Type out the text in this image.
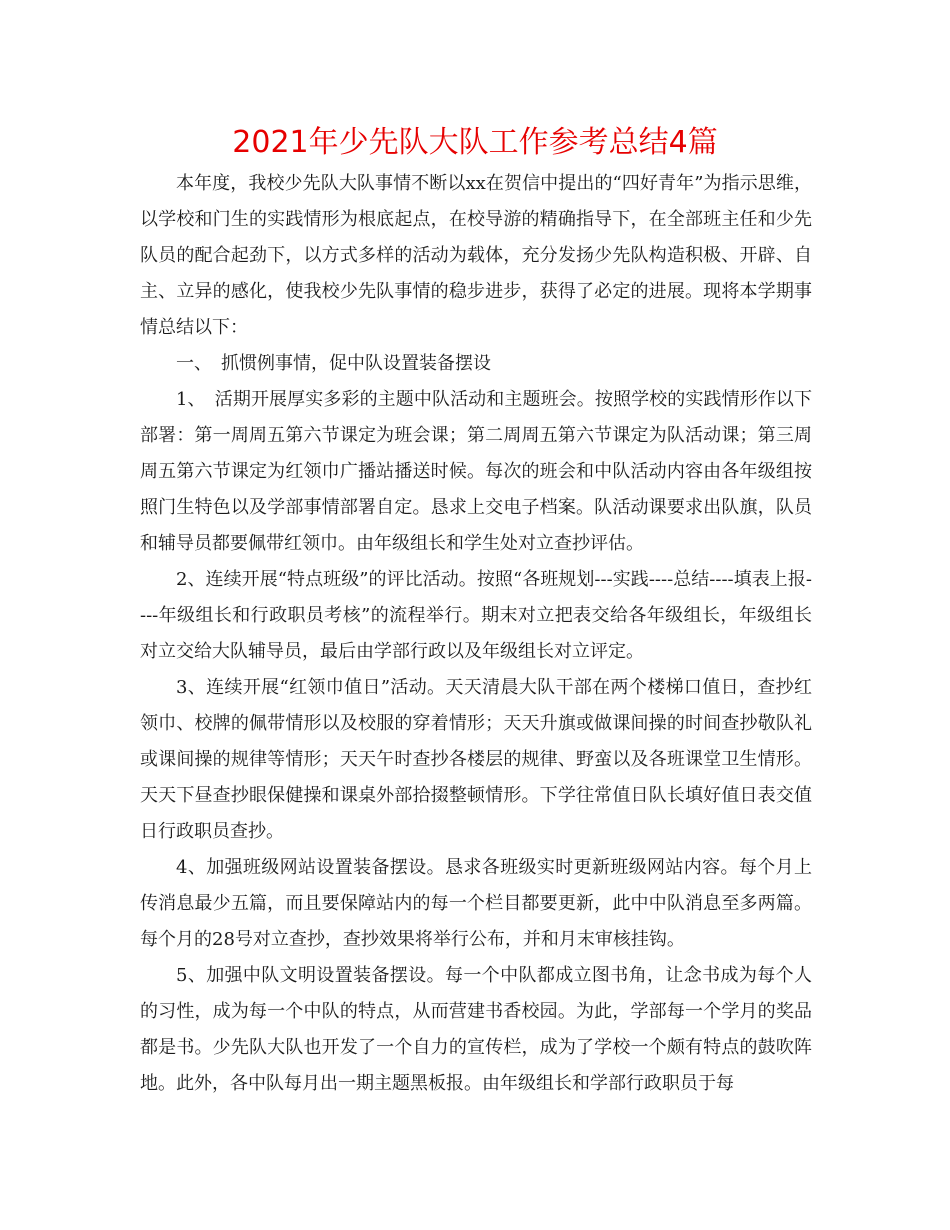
2021年少先队大队工作参考总结4篇

本年度，我校少先队大队事情不断以xx在贺信中提出的“四好青年”为指示思维，以学校和门生的实践情形为根底起点，在校导游的精确指导下，在全部班主任和少先队员的配合起劲下，以方式多样的活动为载体，充分发扬少先队构造积极、开辟、自主、立异的感化，使我校少先队事情的稳步进步，获得了必定的进展。现将本学期事情总结以下：

一、　抓惯例事情，促中队设置装备摆设

1、　活期开展厚实多彩的主题中队活动和主题班会。按照学校的实践情形作以下部署：第一周周五第六节课定为班会课；第二周周五第六节课定为队活动课；第三周周五第六节课定为红领巾广播站播送时候。每次的班会和中队活动内容由各年级组按照门生特色以及学部事情部署自定。恳求上交电子档案。队活动课要求出队旗，队员和辅导员都要佩带红领巾。由年级组长和学生处对立查抄评估。

2、连续开展“特点班级”的评比活动。按照“各班规划---实践----总结----填表上报----年级组长和行政职员考核”的流程举行。期末对立把表交给各年级组长，年级组长对立交给大队辅导员，最后由学部行政以及年级组长对立评定。

3、连续开展“红领巾值日”活动。天天清晨大队干部在两个楼梯口值日，查抄红领巾、校牌的佩带情形以及校服的穿着情形；天天升旗或做课间操的时间查抄敬队礼或课间操的规律等情形；天天午时查抄各楼层的规律、野蛮以及各班课堂卫生情形。天天下昼查抄眼保健操和课桌外部拾掇整顿情形。下学往常值日队长填好值日表交值日行政职员查抄。

4、加强班级网站设置装备摆设。恳求各班级实时更新班级网站内容。每个月上传消息最少五篇，而且要保障站内的每一个栏目都要更新，此中中队消息至多两篇。每个月的28号对立查抄，查抄效果将举行公布，并和月末审核挂钩。

5、加强中队文明设置装备摆设。每一个中队都成立图书角，让念书成为每个人的习性，成为每一个中队的特点，从而营建书香校园。为此，学部每一个学月的奖品都是书。少先队大队也开发了一个自力的宣传栏，成为了学校一个颇有特点的鼓吹阵地。此外，各中队每月出一期主题黑板报。由年级组长和学部行政职员于每
